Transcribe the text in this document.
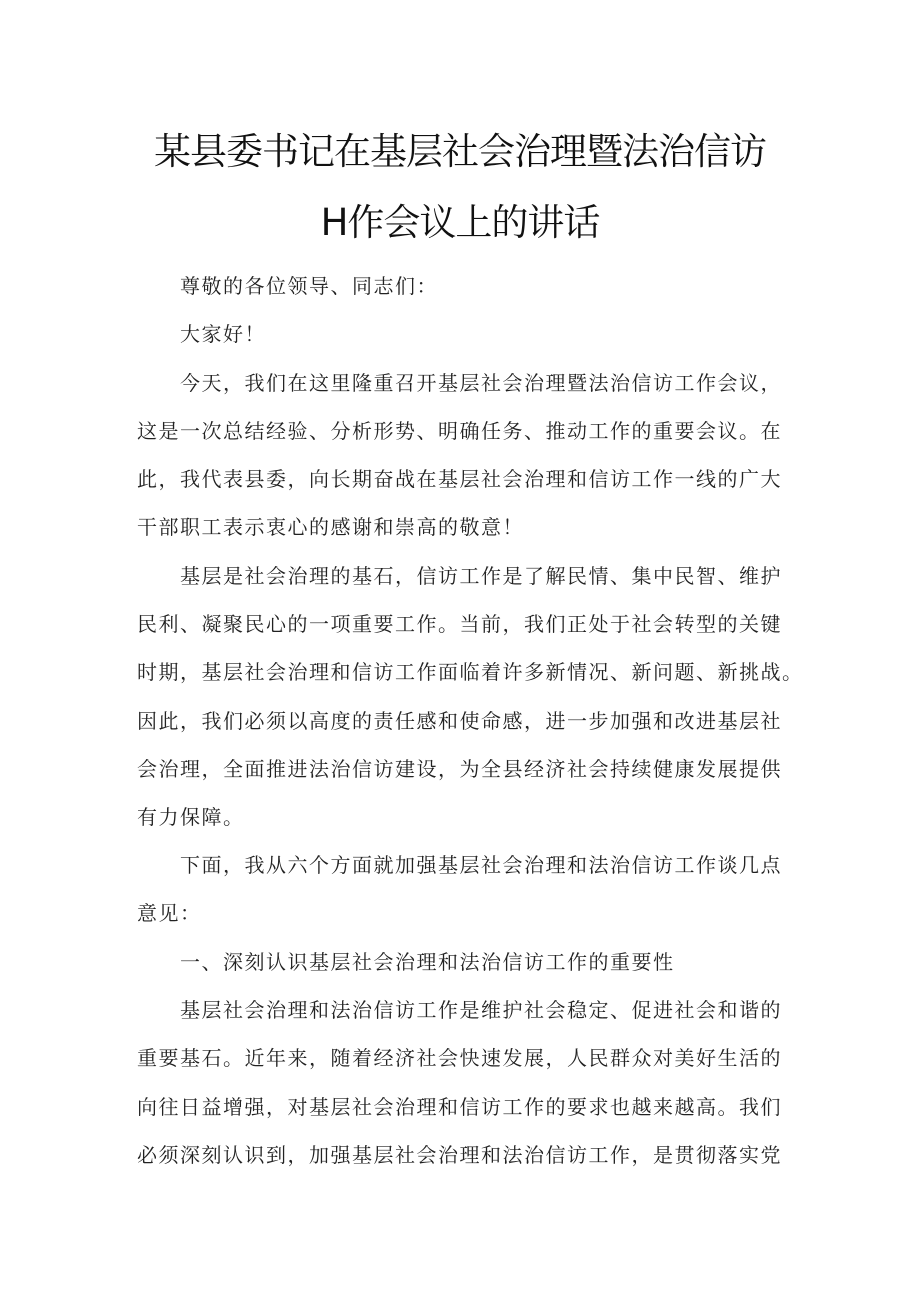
某县委书记在基层社会治理暨法治信访
H作会议上的讲话
尊敬的各位领导、同志们：
大家好！
今天，我们在这里隆重召开基层社会治理暨法治信访工作会议，
这是一次总结经验、分析形势、明确任务、推动工作的重要会议。在
此，我代表县委，向长期奋战在基层社会治理和信访工作一线的广大
干部职工表示衷心的感谢和崇高的敬意！
基层是社会治理的基石，信访工作是了解民情、集中民智、维护
民利、凝聚民心的一项重要工作。当前，我们正处于社会转型的关键
时期，基层社会治理和信访工作面临着许多新情况、新问题、新挑战。
因此，我们必须以高度的责任感和使命感，进一步加强和改进基层社
会治理，全面推进法治信访建设，为全县经济社会持续健康发展提供
有力保障。
下面，我从六个方面就加强基层社会治理和法治信访工作谈几点
意见：
一、深刻认识基层社会治理和法治信访工作的重要性
基层社会治理和法治信访工作是维护社会稳定、促进社会和谐的
重要基石。近年来，随着经济社会快速发展，人民群众对美好生活的
向往日益增强，对基层社会治理和信访工作的要求也越来越高。我们
必须深刻认识到，加强基层社会治理和法治信访工作，是贯彻落实党
